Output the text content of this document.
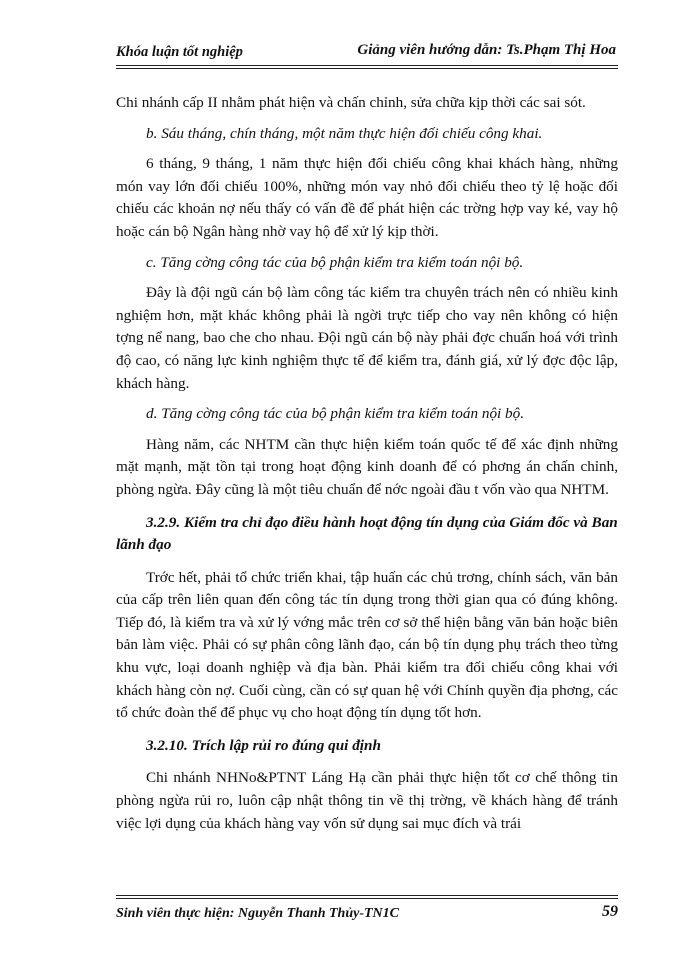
Khóa luận tốt nghiệp	Giảng viên hướng dẫn: Ts.Phạm Thị Hoa

Chi nhánh cấp II nhằm phát hiện và chấn chỉnh, sửa chữa kịp thời các sai sót.

b. Sáu tháng, chín tháng, một năm thực hiện đối chiếu công khai.

6 tháng, 9 tháng, 1 năm thực hiện đối chiếu công khai khách hàng, những món vay lớn đối chiếu 100%, những món vay nhỏ đối chiếu theo tỷ lệ hoặc đối chiếu các khoản nợ nếu thấy có vấn đề để phát hiện các trờng hợp vay ké, vay hộ hoặc cán bộ Ngân hàng nhờ vay hộ để xử lý kịp thời.

c. Tăng cờng công tác của bộ phận kiểm tra kiểm toán nội bộ.

Đây là đội ngũ cán bộ làm công tác kiểm tra chuyên trách nên có nhiều kinh nghiệm hơn, mặt khác không phải là ngời trực tiếp cho vay nên không có hiện tợng nể nang, bao che cho nhau. Đội ngũ cán bộ này phải đợc chuẩn hoá với trình độ cao, có năng lực kinh nghiệm thực tế để kiểm tra, đánh giá, xử lý đợc độc lập, khách hàng.

d. Tăng cờng công tác của bộ phận kiểm tra kiểm toán nội bộ.

Hàng năm, các NHTM cần thực hiện kiểm toán quốc tế để xác định những mặt mạnh, mặt tồn tại trong hoạt động kinh doanh để có phơng án chấn chỉnh, phòng ngừa. Đây cũng là một tiêu chuẩn để nớc ngoài đầu t vốn vào qua NHTM.

3.2.9. Kiểm tra chỉ đạo điều hành hoạt động tín dụng của Giám đốc và Ban lãnh đạo

Trớc hết, phải tổ chức triển khai, tập huấn các chủ trơng, chính sách, văn bản của cấp trên liên quan đến công tác tín dụng trong thời gian qua có đúng không. Tiếp đó, là kiểm tra và xử lý vớng mắc trên cơ sở thể hiện bằng văn bản hoặc biên bản làm việc. Phải có sự phân công lãnh đạo, cán bộ tín dụng phụ trách theo từng khu vực, loại doanh nghiệp và địa bàn. Phải kiểm tra đối chiếu công khai với khách hàng còn nợ. Cuối cùng, cần có sự quan hệ với Chính quyền địa phơng, các tổ chức đoàn thể để phục vụ cho hoạt động tín dụng tốt hơn.

3.2.10. Trích lập rủi ro đúng qui định

Chi nhánh NHNo&PTNT Láng Hạ cần phải thực hiện tốt cơ chế thông tin phòng ngừa rủi ro, luôn cập nhật thông tin về thị trờng, về khách hàng để tránh việc lợi dụng của khách hàng vay vốn sử dụng sai mục đích và trái

Sinh viên thực hiện: Nguyễn Thanh Thủy-TN1C	59
